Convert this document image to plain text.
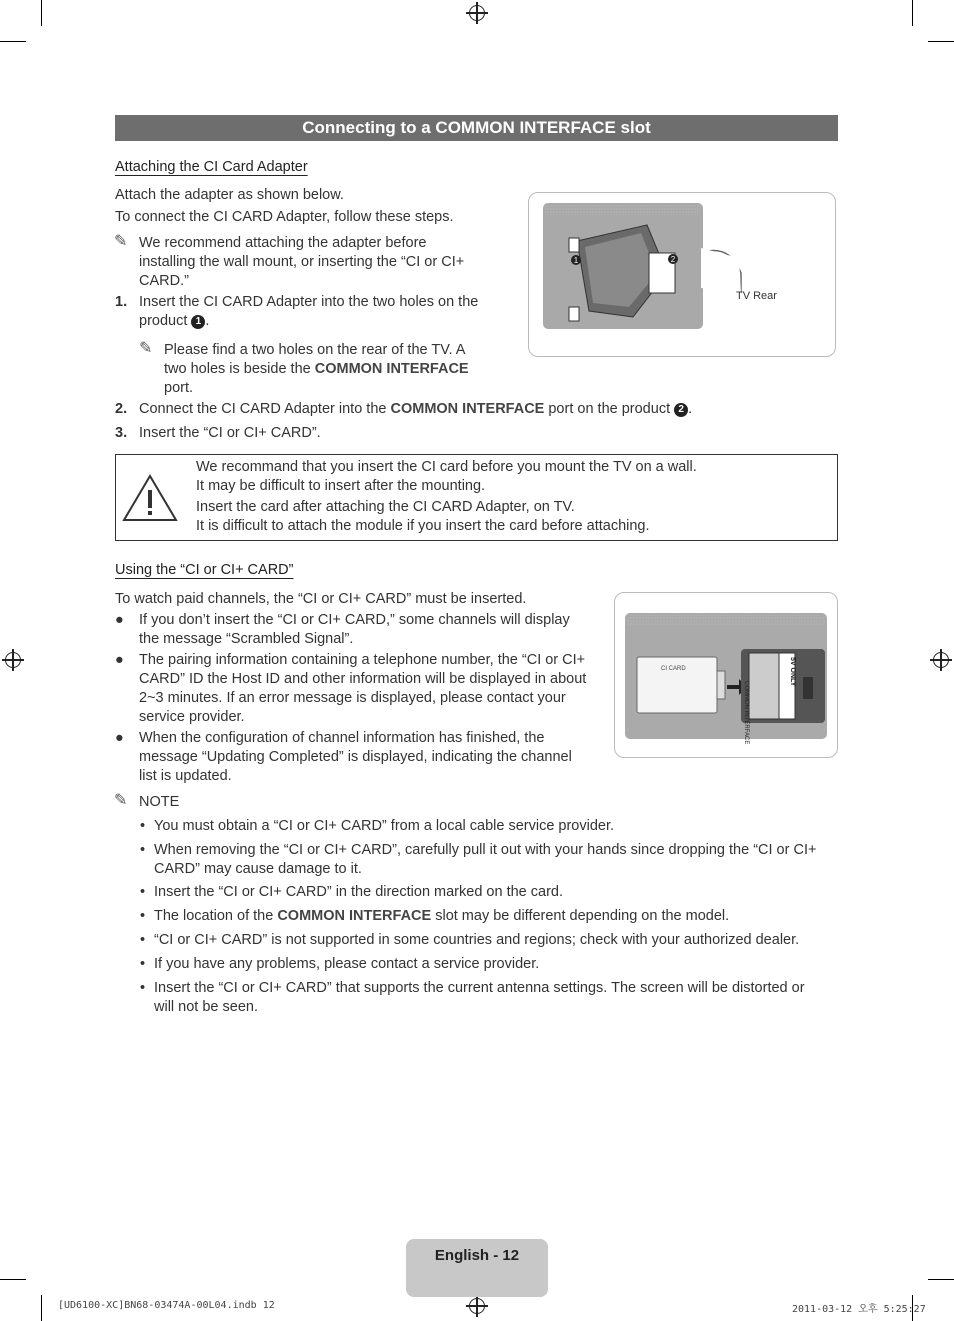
Connecting to a COMMON INTERFACE slot
Attaching the CI Card Adapter
Attach the adapter as shown below.
To connect the CI CARD Adapter, follow these steps.
✎ We recommend attaching the adapter before
installing the wall mount, or inserting the “CI or CI+
CARD.”
1. Insert the CI CARD Adapter into the two holes on the
product 1 .
✎ Please find a two holes on the rear of the TV. A
two holes is beside the COMMON INTERFACE
port.
2. Connect the CI CARD Adapter into the COMMON INTERFACE port on the product 2 .
3. Insert the “CI or CI+ CARD”.
1	2
TV Rear
We recommand that you insert the CI card before you mount the TV on a wall.
It may be difficult to insert after the mounting.
Insert the card after attaching the CI CARD Adapter, on TV.
It is difficult to attach the module if you insert the card before attaching.
Using the “CI or CI+ CARD”
To watch paid channels, the “CI or CI+ CARD” must be inserted.
● If you don’t insert the “CI or CI+ CARD,” some channels will display
the message “Scrambled Signal”.
● The pairing information containing a telephone number, the “CI or CI+
CARD” ID the Host ID and other information will be displayed in about
2~3 minutes. If an error message is displayed, please contact your
service provider.
● When the configuration of channel information has finished, the
message “Updating Completed” is displayed, indicating the channel
list is updated.
✎ NOTE
• You must obtain a “CI or CI+ CARD” from a local cable service provider.
• When removing the “CI or CI+ CARD”, carefully pull it out with your hands since dropping the “CI or CI+
CARD” may cause damage to it.
• Insert the “CI or CI+ CARD” in the direction marked on the card.
• The location of the COMMON INTERFACE slot may be different depending on the model.
• “CI or CI+ CARD” is not supported in some countries and regions; check with your authorized dealer.
• If you have any problems, please contact a service provider.
• Insert the “CI or CI+ CARD” that supports the current antenna settings. The screen will be distorted or
will not be seen.
CI CARD
COMMON INTERFACE
5V ONLY
English - 12
[UD6100-XC]BN68-03474A-00L04.indb 12	2011-03-12 오후 5:25:27
